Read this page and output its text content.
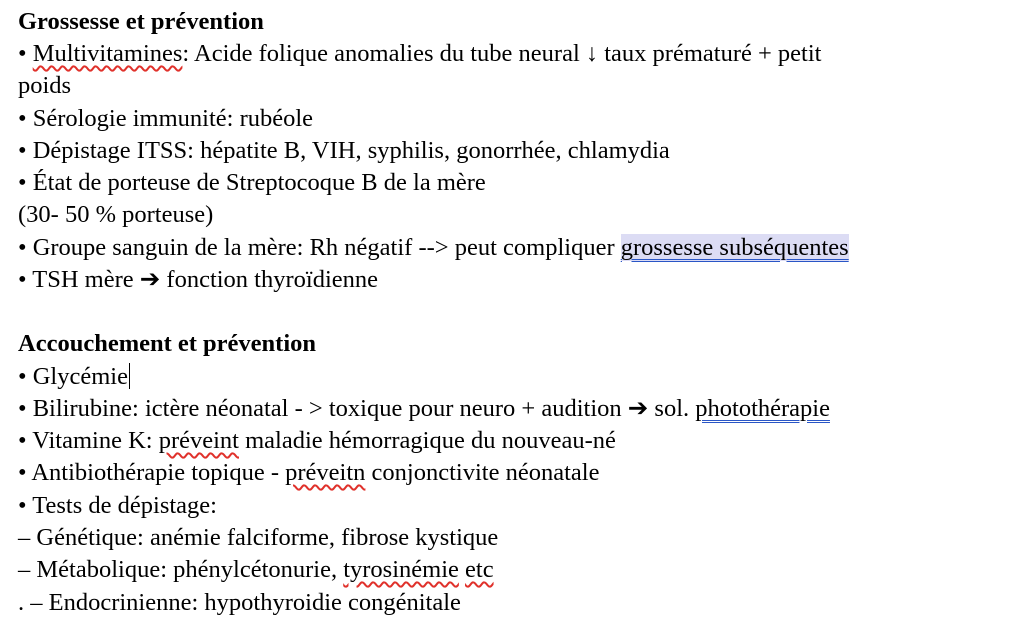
Grossesse et prévention
• Multivitamines: Acide folique anomalies du tube neural ↓ taux prématuré + petit
poids
• Sérologie immunité: rubéole
• Dépistage ITSS: hépatite B, VIH, syphilis, gonorrhée, chlamydia
• État de porteuse de Streptocoque B de la mère
(30- 50 % porteuse)
• Groupe sanguin de la mère: Rh négatif --> peut compliquer grossesse subséquentes
• TSH mère ➔ fonction thyroïdienne
Accouchement et prévention
• Glycémie
• Bilirubine: ictère néonatal - > toxique pour neuro + audition ➔ sol. photothérapie
• Vitamine K: préveint maladie hémorragique du nouveau-né
• Antibiothérapie topique - préveitn conjonctivite néonatale
• Tests de dépistage:
– Génétique: anémie falciforme, fibrose kystique
– Métabolique: phénylcétonurie, tyrosinémie etc
. – Endocrinienne: hypothyroidie congénitale
